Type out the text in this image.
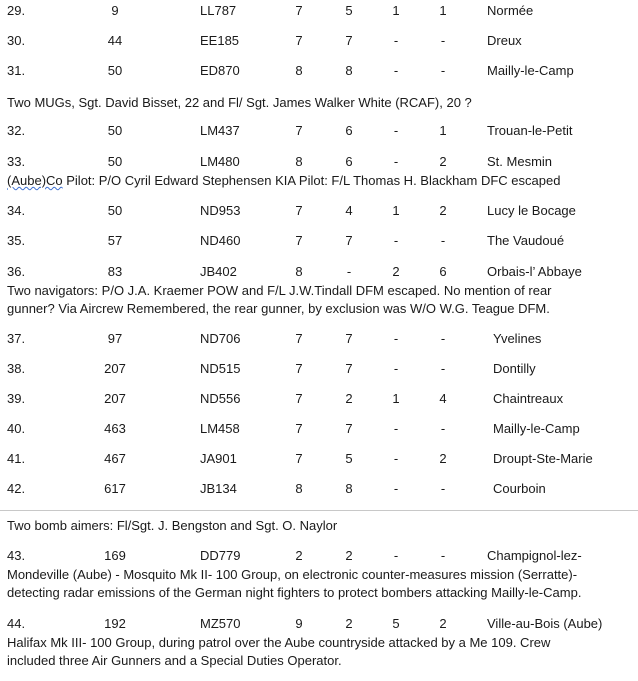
29.	9	LL787	7	5	1	1	Normée
30.	44	EE185	7	7	-	-	Dreux
31.	50	ED870	8	8	-	-	Mailly-le-Camp
32.	50	LM437	7	6	-	1	Trouan-le-Petit
33.	50	LM480	8	6	-	2	St. Mesmin
34.	50	ND953	7	4	1	2	Lucy le Bocage
35.	57	ND460	7	7	-	-	The Vaudoué
36.	83	JB402	8	-	2	6	Orbais-l’ Abbaye
37.	97	ND706	7	7	-	-	Yvelines
38.	207	ND515	7	7	-	-	Dontilly
39.	207	ND556	7	2	1	4	Chaintreaux
40.	463	LM458	7	7	-	-	Mailly-le-Camp
41.	467	JA901	7	5	-	2	Droupt-Ste-Marie
42.	617	JB134	8	8	-	-	Courboin
43.	169	DD779	2	2	-	-	Champignol-lez-
44.	192	MZ570	9	2	5	2	Ville-au-Bois (Aube)
Two MUGs, Sgt. David Bisset, 22 and Fl/ Sgt. James Walker White (RCAF), 20 ?
(Aube)Co Pilot: P/O Cyril Edward Stephensen KIA Pilot: F/L Thomas H. Blackham DFC escaped
Two navigators: P/O J.A. Kraemer POW and F/L J.W.Tindall DFM escaped. No mention of rear
gunner? Via Aircrew Remembered, the rear gunner, by exclusion was W/O W.G. Teague DFM.
Two bomb aimers: Fl/Sgt. J. Bengston and Sgt. O. Naylor
Mondeville (Aube) - Mosquito Mk II- 100 Group, on electronic counter-measures mission (Serratte)-
detecting radar emissions of the German night fighters to protect bombers attacking Mailly-le-Camp.
Halifax Mk III- 100 Group, during patrol over the Aube countryside attacked by a Me 109. Crew
included three Air Gunners and a Special Duties Operator.
